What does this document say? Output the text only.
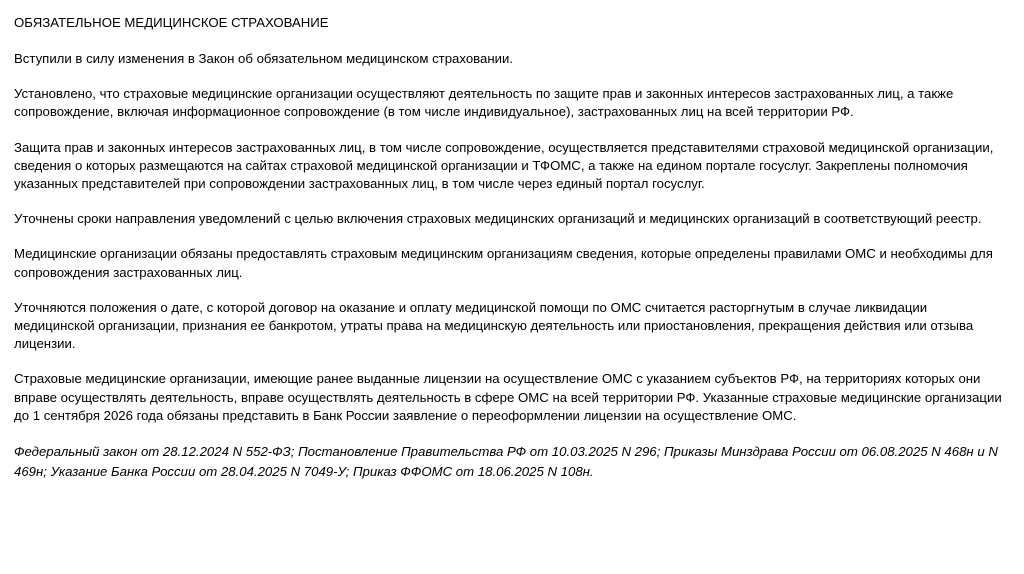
ОБЯЗАТЕЛЬНОЕ МЕДИЦИНСКОЕ СТРАХОВАНИЕ

Вступили в силу изменения в Закон об обязательном медицинском страховании.

Установлено, что страховые медицинские организации осуществляют деятельность по защите прав и законных интересов застрахованных лиц, а также сопровождение, включая информационное сопровождение (в том числе индивидуальное), застрахованных лиц на всей территории РФ.

Защита прав и законных интересов застрахованных лиц, в том числе сопровождение, осуществляется представителями страховой медицинской организации, сведения о которых размещаются на сайтах страховой медицинской организации и ТФОМС, а также на едином портале госуслуг. Закреплены полномочия указанных представителей при сопровождении застрахованных лиц, в том числе через единый портал госуслуг.

Уточнены сроки направления уведомлений с целью включения страховых медицинских организаций и медицинских организаций в соответствующий реестр.

Медицинские организации обязаны предоставлять страховым медицинским организациям сведения, которые определены правилами ОМС и необходимы для сопровождения застрахованных лиц.

Уточняются положения о дате, с которой договор на оказание и оплату медицинской помощи по ОМС считается расторгнутым в случае ликвидации медицинской организации, признания ее банкротом, утраты права на медицинскую деятельность или приостановления, прекращения действия или отзыва лицензии.

Страховые медицинские организации, имеющие ранее выданные лицензии на осуществление ОМС с указанием субъектов РФ, на территориях которых они вправе осуществлять деятельность, вправе осуществлять деятельность в сфере ОМС на всей территории РФ. Указанные страховые медицинские организации до 1 сентября 2026 года обязаны представить в Банк России заявление о переоформлении лицензии на осуществление ОМС.

Федеральный закон от 28.12.2024 N 552-ФЗ; Постановление Правительства РФ от 10.03.2025 N 296; Приказы Минздрава России от 06.08.2025 N 468н и N 469н; Указание Банка России от 28.04.2025 N 7049-У; Приказ ФФОМС от 18.06.2025 N 108н.
